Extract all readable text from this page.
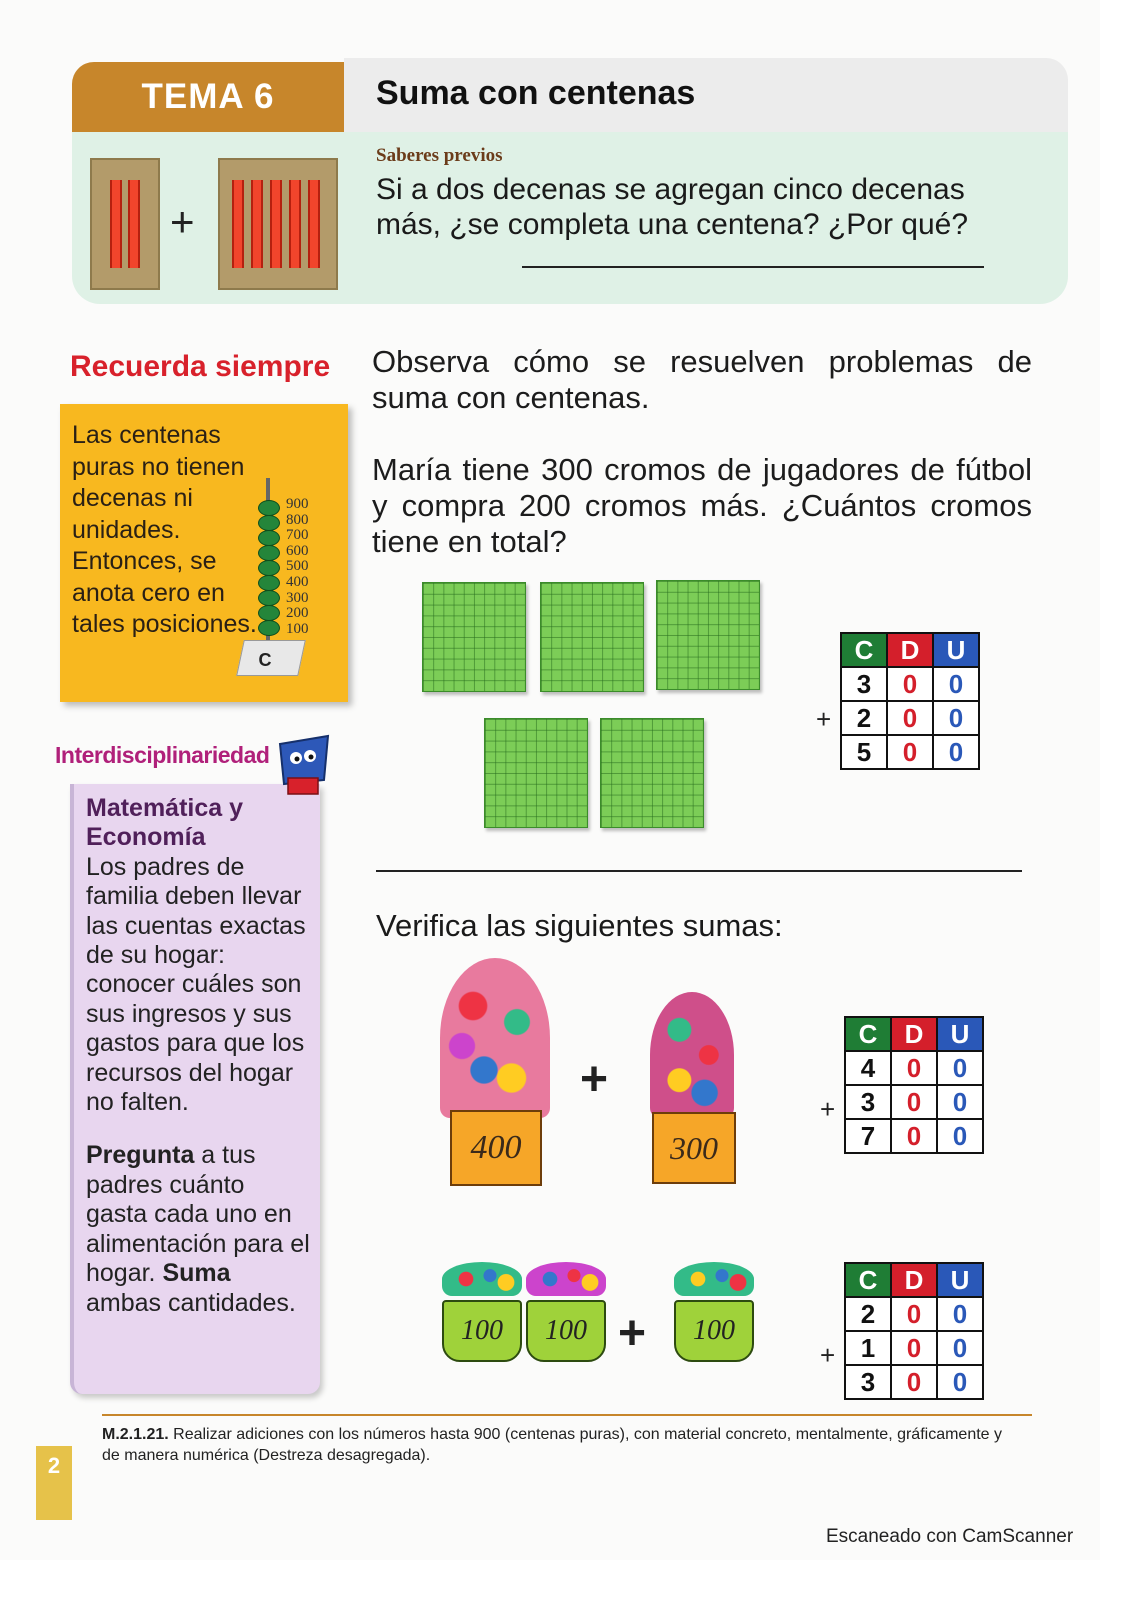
TEMA 6	Suma con centenas
+
Saberes previos
Si a dos decenas se agregan cinco decenas más, ¿se completa una centena? ¿Por qué?
Recuerda siempre
Las centenas puras no tienen decenas ni unidades. Entonces, se anota cero en tales posiciones.
C
900 800 700 600 500 400 300 200 100
Interdisciplinariedad
Matemática y Economía
Los padres de familia deben llevar las cuentas exactas de su hogar: conocer cuáles son sus ingresos y sus gastos para que los recursos del hogar no falten.
Pregunta a tus padres cuánto gasta cada uno en alimentación para el hogar. Suma ambas cantidades.
Observa cómo se resuelven problemas de suma con centenas.
María tiene 300 cromos de jugadores de fútbol y compra 200 cromos más. ¿Cuántos cromos tiene en total?
+
C	D	U
3	0	0
2	0	0
5	0	0
Verifica las siguientes sumas:
400
+
300
+
C	D	U
4	0	0
3	0	0
7	0	0
100	100 +	100
+
C	D	U
2	0	0
1	0	0
3	0	0
M.2.1.21. Realizar adiciones con los números hasta 900 (centenas puras), con material concreto, mentalmente, gráficamente y de manera numérica (Destreza desagregada).
2
Escaneado con CamScanner
